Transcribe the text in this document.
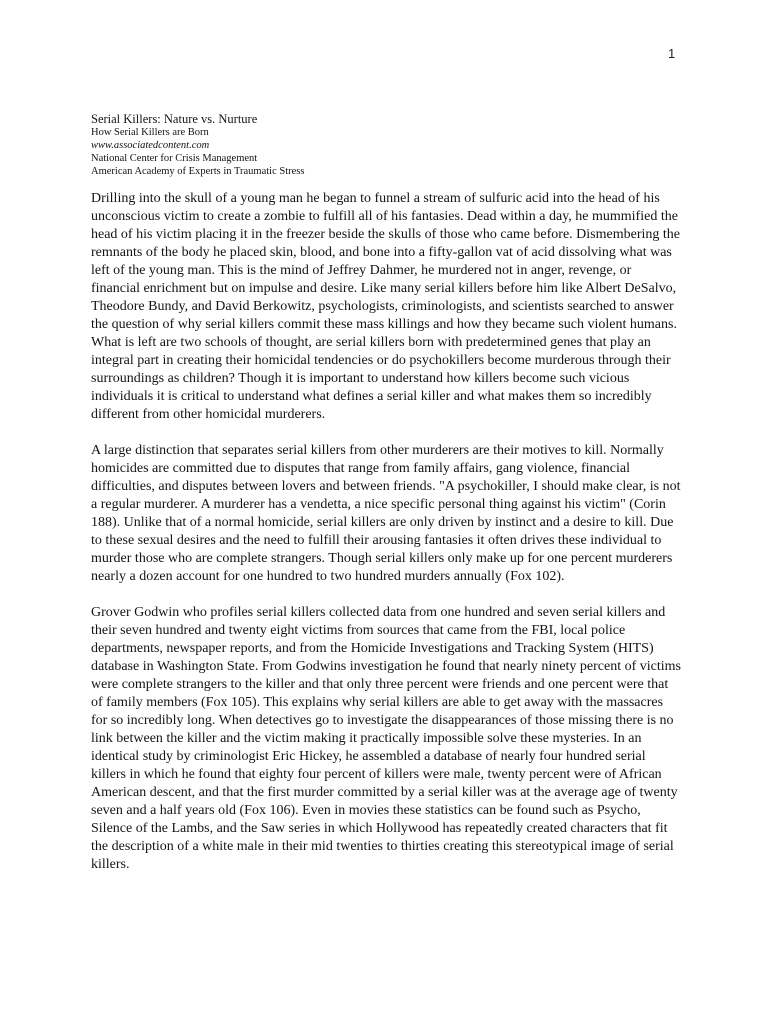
1

Serial Killers: Nature vs. Nurture

How Serial Killers are Born

www.associatedcontent.com

National Center for Crisis Management

American Academy of Experts in Traumatic Stress

Drilling into the skull of a young man he began to funnel a stream of sulfuric acid into the head of his unconscious victim to create a zombie to fulfill all of his fantasies. Dead within a day, he mummified the head of his victim placing it in the freezer beside the skulls of those who came before. Dismembering the remnants of the body he placed skin, blood, and bone into a fifty-gallon vat of acid dissolving what was left of the young man. This is the mind of Jeffrey Dahmer, he murdered not in anger, revenge, or financial enrichment but on impulse and desire. Like many serial killers before him like Albert DeSalvo, Theodore Bundy, and David Berkowitz, psychologists, criminologists, and scientists searched to answer the question of why serial killers commit these mass killings and how they became such violent humans. What is left are two schools of thought, are serial killers born with predetermined genes that play an integral part in creating their homicidal tendencies or do psychokillers become murderous through their surroundings as children? Though it is important to understand how killers become such vicious individuals it is critical to understand what defines a serial killer and what makes them so incredibly different from other homicidal murderers.

A large distinction that separates serial killers from other murderers are their motives to kill. Normally homicides are committed due to disputes that range from family affairs, gang violence, financial difficulties, and disputes between lovers and between friends. "A psychokiller, I should make clear, is not a regular murderer. A murderer has a vendetta, a nice specific personal thing against his victim" (Corin 188). Unlike that of a normal homicide, serial killers are only driven by instinct and a desire to kill. Due to these sexual desires and the need to fulfill their arousing fantasies it often drives these individual to murder those who are complete strangers. Though serial killers only make up for one percent murderers nearly a dozen account for one hundred to two hundred murders annually (Fox 102).

Grover Godwin who profiles serial killers collected data from one hundred and seven serial killers and their seven hundred and twenty eight victims from sources that came from the FBI, local police departments, newspaper reports, and from the Homicide Investigations and Tracking System (HITS) database in Washington State. From Godwins investigation he found that nearly ninety percent of victims were complete strangers to the killer and that only three percent were friends and one percent were that of family members (Fox 105). This explains why serial killers are able to get away with the massacres for so incredibly long. When detectives go to investigate the disappearances of those missing there is no link between the killer and the victim making it practically impossible solve these mysteries. In an identical study by criminologist Eric Hickey, he assembled a database of nearly four hundred serial killers in which he found that eighty four percent of killers were male, twenty percent were of African American descent, and that the first murder committed by a serial killer was at the average age of twenty seven and a half years old (Fox 106). Even in movies these statistics can be found such as Psycho, Silence of the Lambs, and the Saw series in which Hollywood has repeatedly created characters that fit the description of a white male in their mid twenties to thirties creating this stereotypical image of serial killers.
